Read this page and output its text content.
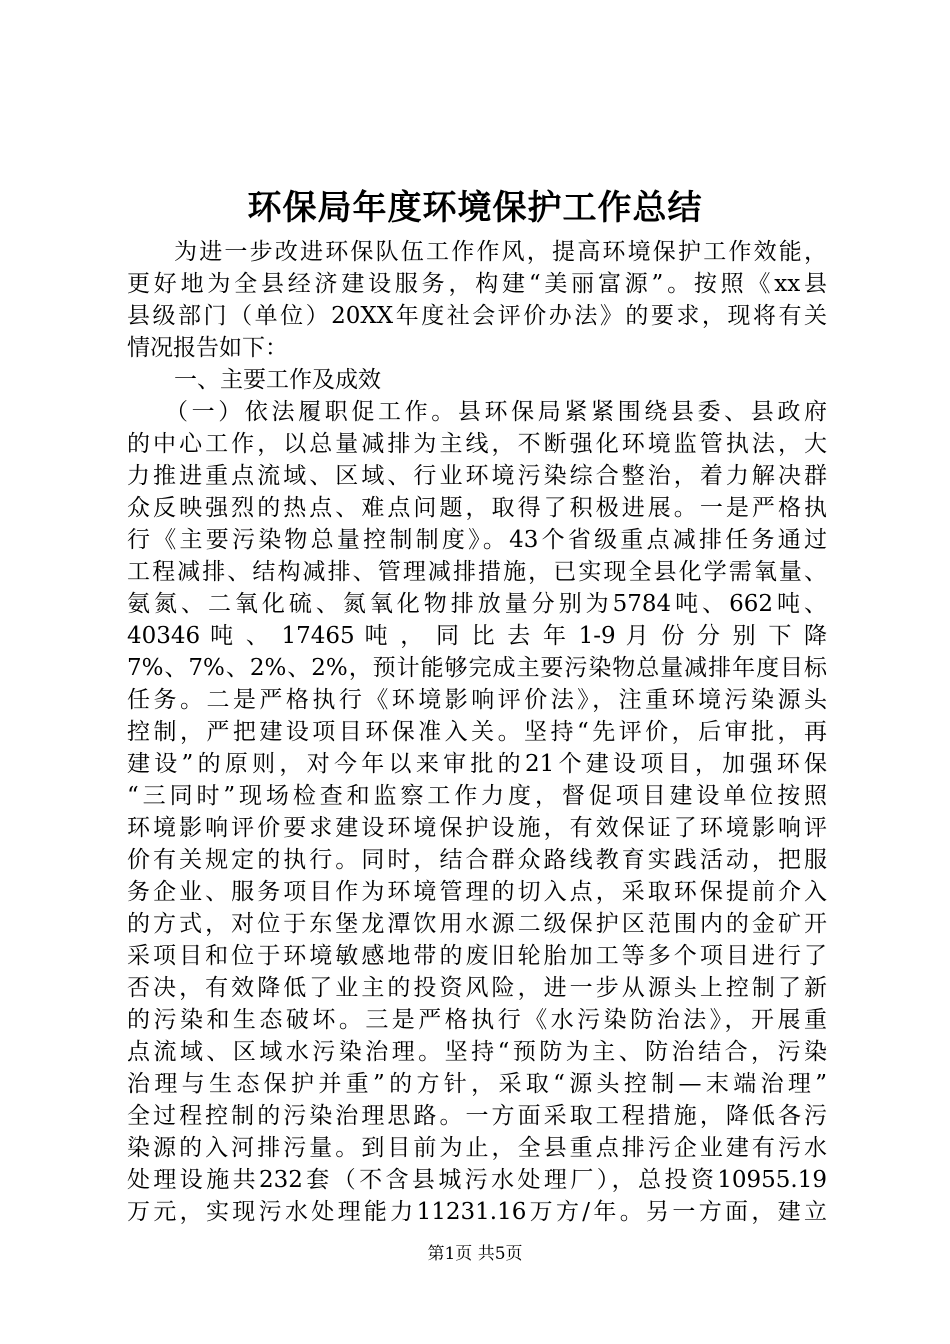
环保局年度环境保护工作总结
为进一步改进环保队伍工作作风，提高环境保护工作效能，
更好地为全县经济建设服务，构建“美丽富源”。按照《xx县
县级部门（单位）20XX年度社会评价办法》的要求，现将有关
情况报告如下：
一、主要工作及成效
（一）依法履职促工作。县环保局紧紧围绕县委、县政府
的中心工作，以总量减排为主线，不断强化环境监管执法，大
力推进重点流域、区域、行业环境污染综合整治，着力解决群
众反映强烈的热点、难点问题，取得了积极进展。一是严格执
行《主要污染物总量控制制度》。43个省级重点减排任务通过
工程减排、结构减排、管理减排措施，已实现全县化学需氧量、
氨氮、二氧化硫、氮氧化物排放量分别为5784吨、662吨、
40346 吨 、 17465 吨 ， 同 比 去 年 1-9 月 份 分 别 下 降
7%、7%、2%、2%，预计能够完成主要污染物总量减排年度目标
任务。二是严格执行《环境影响评价法》，注重环境污染源头
控制，严把建设项目环保准入关。坚持“先评价，后审批，再
建设”的原则，对今年以来审批的21个建设项目，加强环保
“三同时”现场检查和监察工作力度，督促项目建设单位按照
环境影响评价要求建设环境保护设施，有效保证了环境影响评
价有关规定的执行。同时，结合群众路线教育实践活动，把服
务企业、服务项目作为环境管理的切入点，采取环保提前介入
的方式，对位于东堡龙潭饮用水源二级保护区范围内的金矿开
采项目和位于环境敏感地带的废旧轮胎加工等多个项目进行了
否决，有效降低了业主的投资风险，进一步从源头上控制了新
的污染和生态破坏。三是严格执行《水污染防治法》，开展重
点流域、区域水污染治理。坚持“预防为主、防治结合，污染
治理与生态保护并重”的方针，采取“源头控制—末端治理”
全过程控制的污染治理思路。一方面采取工程措施，降低各污
染源的入河排污量。到目前为止，全县重点排污企业建有污水
处理设施共232套（不含县城污水处理厂），总投资10955.19
万元，实现污水处理能力11231.16万方/年。另一方面，建立
第1页 共5页
